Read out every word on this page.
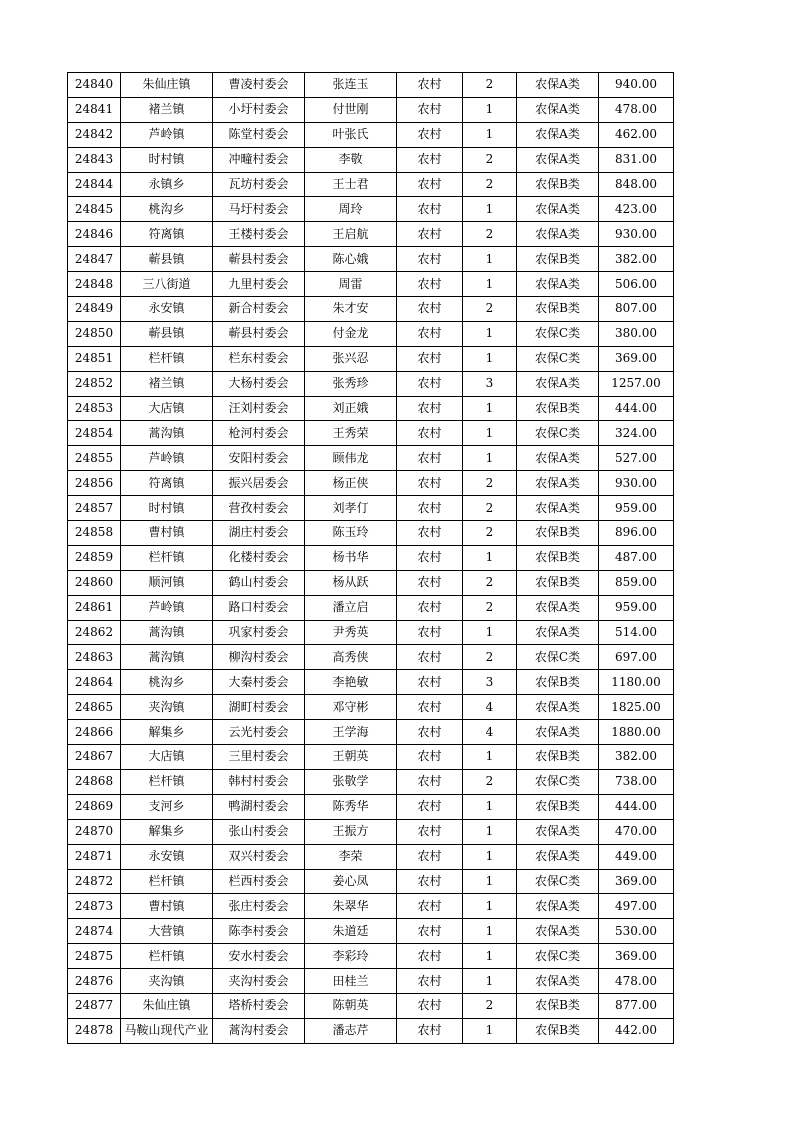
24840	朱仙庄镇	曹凌村委会	张连玉	农村	2	农保A类	940.00
24841	褚兰镇	小圩村委会	付世刚	农村	1	农保A类	478.00
24842	芦岭镇	陈堂村委会	叶张氏	农村	1	农保A类	462.00
24843	时村镇	冲疃村委会	李敬	农村	2	农保A类	831.00
24844	永镇乡	瓦坊村委会	王士君	农村	2	农保B类	848.00
24845	桃沟乡	马圩村委会	周玲	农村	1	农保A类	423.00
24846	符离镇	王楼村委会	王启航	农村	2	农保A类	930.00
24847	蕲县镇	蕲县村委会	陈心娥	农村	1	农保B类	382.00
24848	三八街道	九里村委会	周雷	农村	1	农保A类	506.00
24849	永安镇	新合村委会	朱才安	农村	2	农保B类	807.00
24850	蕲县镇	蕲县村委会	付金龙	农村	1	农保C类	380.00
24851	栏杆镇	栏东村委会	张兴忍	农村	1	农保C类	369.00
24852	褚兰镇	大杨村委会	张秀珍	农村	3	农保A类	1257.00
24853	大店镇	汪刘村委会	刘正娥	农村	1	农保B类	444.00
24854	蒿沟镇	枪河村委会	王秀荣	农村	1	农保C类	324.00
24855	芦岭镇	安阳村委会	顾伟龙	农村	1	农保A类	527.00
24856	符离镇	振兴居委会	杨正侠	农村	2	农保A类	930.00
24857	时村镇	营孜村委会	刘孝仃	农村	2	农保A类	959.00
24858	曹村镇	湖庄村委会	陈玉玲	农村	2	农保B类	896.00
24859	栏杆镇	化楼村委会	杨书华	农村	1	农保B类	487.00
24860	顺河镇	鹤山村委会	杨从跃	农村	2	农保B类	859.00
24861	芦岭镇	路口村委会	潘立启	农村	2	农保A类	959.00
24862	蒿沟镇	巩家村委会	尹秀英	农村	1	农保A类	514.00
24863	蒿沟镇	柳沟村委会	高秀侠	农村	2	农保C类	697.00
24864	桃沟乡	大秦村委会	李艳敏	农村	3	农保B类	1180.00
24865	夹沟镇	湖町村委会	邓守彬	农村	4	农保A类	1825.00
24866	解集乡	云光村委会	王学海	农村	4	农保A类	1880.00
24867	大店镇	三里村委会	王朝英	农村	1	农保B类	382.00
24868	栏杆镇	韩村村委会	张敬学	农村	2	农保C类	738.00
24869	支河乡	鸭湖村委会	陈秀华	农村	1	农保B类	444.00
24870	解集乡	张山村委会	王振方	农村	1	农保A类	470.00
24871	永安镇	双兴村委会	李荣	农村	1	农保A类	449.00
24872	栏杆镇	栏西村委会	姜心凤	农村	1	农保C类	369.00
24873	曹村镇	张庄村委会	朱翠华	农村	1	农保A类	497.00
24874	大营镇	陈李村委会	朱道廷	农村	1	农保A类	530.00
24875	栏杆镇	安水村委会	李彩玲	农村	1	农保C类	369.00
24876	夹沟镇	夹沟村委会	田桂兰	农村	1	农保A类	478.00
24877	朱仙庄镇	塔桥村委会	陈朝英	农村	2	农保B类	877.00
24878	马鞍山现代产业	蒿沟村委会	潘志芹	农村	1	农保B类	442.00
